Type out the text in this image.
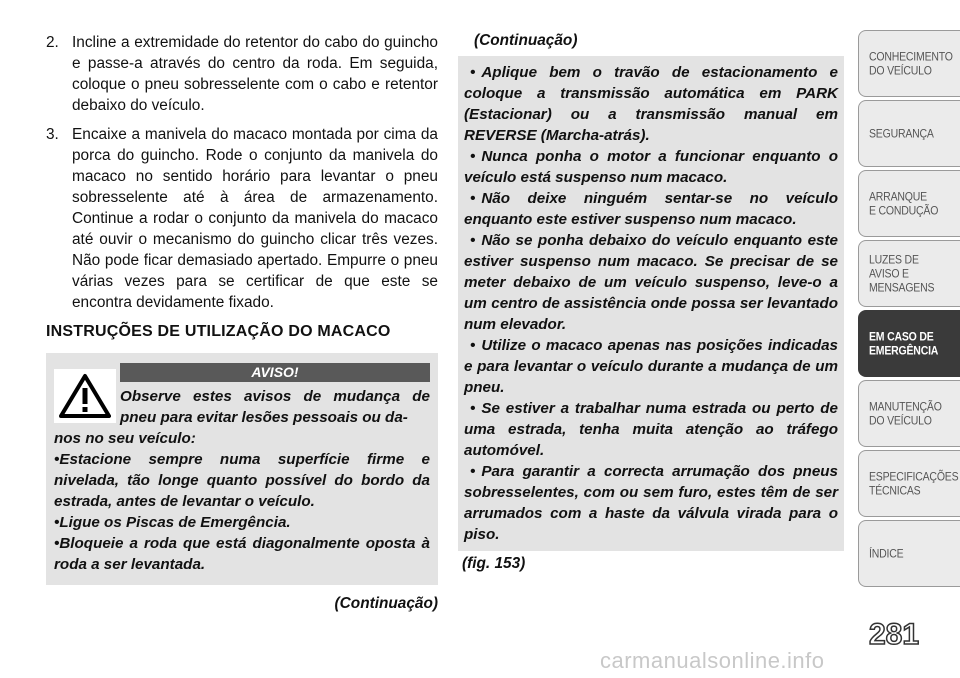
2. Incline a extremidade do retentor do cabo do guincho e passe-a através do centro da roda. Em seguida, coloque o pneu sobresselente com o cabo e retentor debaixo do veículo.

3. Encaixe a manivela do macaco montada por cima da porca do guincho. Rode o conjunto da manivela do macaco no sentido horário para levantar o pneu sobresselente até à área de armazenamento. Continue a rodar o conjunto da manivela do macaco até ouvir o mecanismo do guincho clicar três vezes. Não pode ficar demasiado apertado. Empurre o pneu várias vezes para se certificar de que este se encontra devidamente fixado.

INSTRUÇÕES DE UTILIZAÇÃO DO MACACO
AVISO!

Observe estes avisos de mudança de pneu para evitar lesões pessoais ou da-

nos no seu veículo:

•Estacione sempre numa superfície firme e nivelada, tão longe quanto possível do bordo da estrada, antes de levantar o veículo.

•Ligue os Piscas de Emergência.

•Bloqueie a roda que está diagonalmente oposta à roda a ser levantada.

(Continuação)
(Continuação)

• Aplique bem o travão de estacionamento e coloque a transmissão automática em PARK (Estacionar) ou a transmissão manual em REVERSE (Marcha-atrás).

• Nunca ponha o motor a funcionar enquanto o veículo está suspenso num macaco.

• Não deixe ninguém sentar-se no veículo enquanto este estiver suspenso num macaco.

• Não se ponha debaixo do veículo enquanto este estiver suspenso num macaco. Se precisar de se meter debaixo de um veículo suspenso, leve-o a um centro de assistência onde possa ser levantado num elevador.

• Utilize o macaco apenas nas posições indicadas e para levantar o veículo durante a mudança de um pneu.

• Se estiver a trabalhar numa estrada ou perto de uma estrada, tenha muita atenção ao tráfego automóvel.

• Para garantir a correcta arrumação dos pneus sobresselentes, com ou sem furo, estes têm de ser arrumados com a haste da válvula virada para o piso.

(fig. 153)
CONHECIMENTO
DO VEÍCULO
SEGURANÇA
ARRANQUE
E CONDUÇÃO
LUZES DE
AVISO E
MENSAGENS
EM CASO DE
EMERGÊNCIA
MANUTENÇÃO
DO VEÍCULO
ESPECIFICAÇÕES
TÉCNICAS
ÍNDICE
281
carmanualsonline.info
